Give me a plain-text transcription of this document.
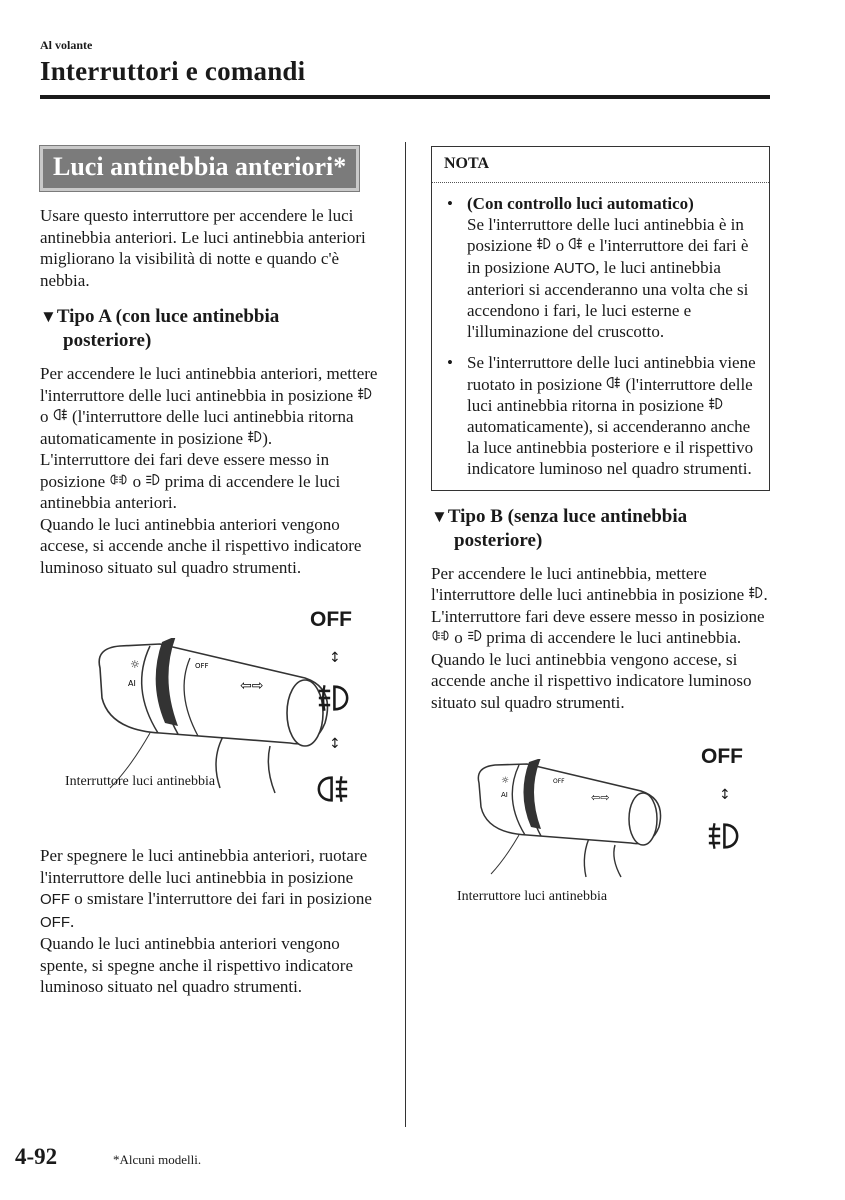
Al volante
Interruttori e comandi
Luci antinebbia anteriori*

Usare questo interruttore per accendere le luci antinebbia anteriori. Le luci antinebbia anteriori migliorano la visibilità di notte e quando c'è nebbia.

▼Tipo A (con luce antinebbia
posteriore)

Per accendere le luci antinebbia anteriori, mettere l'interruttore delle luci antinebbia in posizione  o (l'interruttore delle luci antinebbia ritorna automaticamente in posizione ).

L'interruttore dei fari deve essere messo in posizione o prima di accendere le luci antinebbia anteriori.

Quando le luci antinebbia anteriori vengono accese, si accende anche il rispettivo indicatore luminoso situato sul quadro strumenti.

☼
AI
OFF
⇦⇨
Interruttore luci antinebbia
OFF
↕
↕

Per spegnere le luci antinebbia anteriori, ruotare l'interruttore delle luci antinebbia in posizione OFF o smistare l'interruttore dei fari in posizione OFF.

Quando le luci antinebbia anteriori vengono spente, si spegne anche il rispettivo indicatore luminoso situato nel quadro strumenti.

NOTA
• (Con controllo luci automatico)
Se l'interruttore delle luci antinebbia è in posizione o e l'interruttore dei fari è in posizione AUTO, le luci antinebbia anteriori si accenderanno una volta che si accendono i fari, le luci esterne e l'illuminazione del cruscotto.
• Se l'interruttore delle luci antinebbia viene ruotato in posizione (l'interruttore delle luci antinebbia ritorna in posizione  automaticamente), si accenderanno anche la luce antinebbia posteriore e il rispettivo indicatore luminoso nel quadro strumenti.
▼Tipo B (senza luce antinebbia
posteriore)

Per accendere le luci antinebbia, mettere l'interruttore delle luci antinebbia in posizione .

L'interruttore fari deve essere messo in posizione  o prima di accendere le luci antinebbia.

Quando le luci antinebbia vengono accese, si accende anche il rispettivo indicatore luminoso situato sul quadro strumenti.

☼
AI
OFF
⇦⇨
Interruttore luci antinebbia
OFF
↕
4-92	*Alcuni modelli.
